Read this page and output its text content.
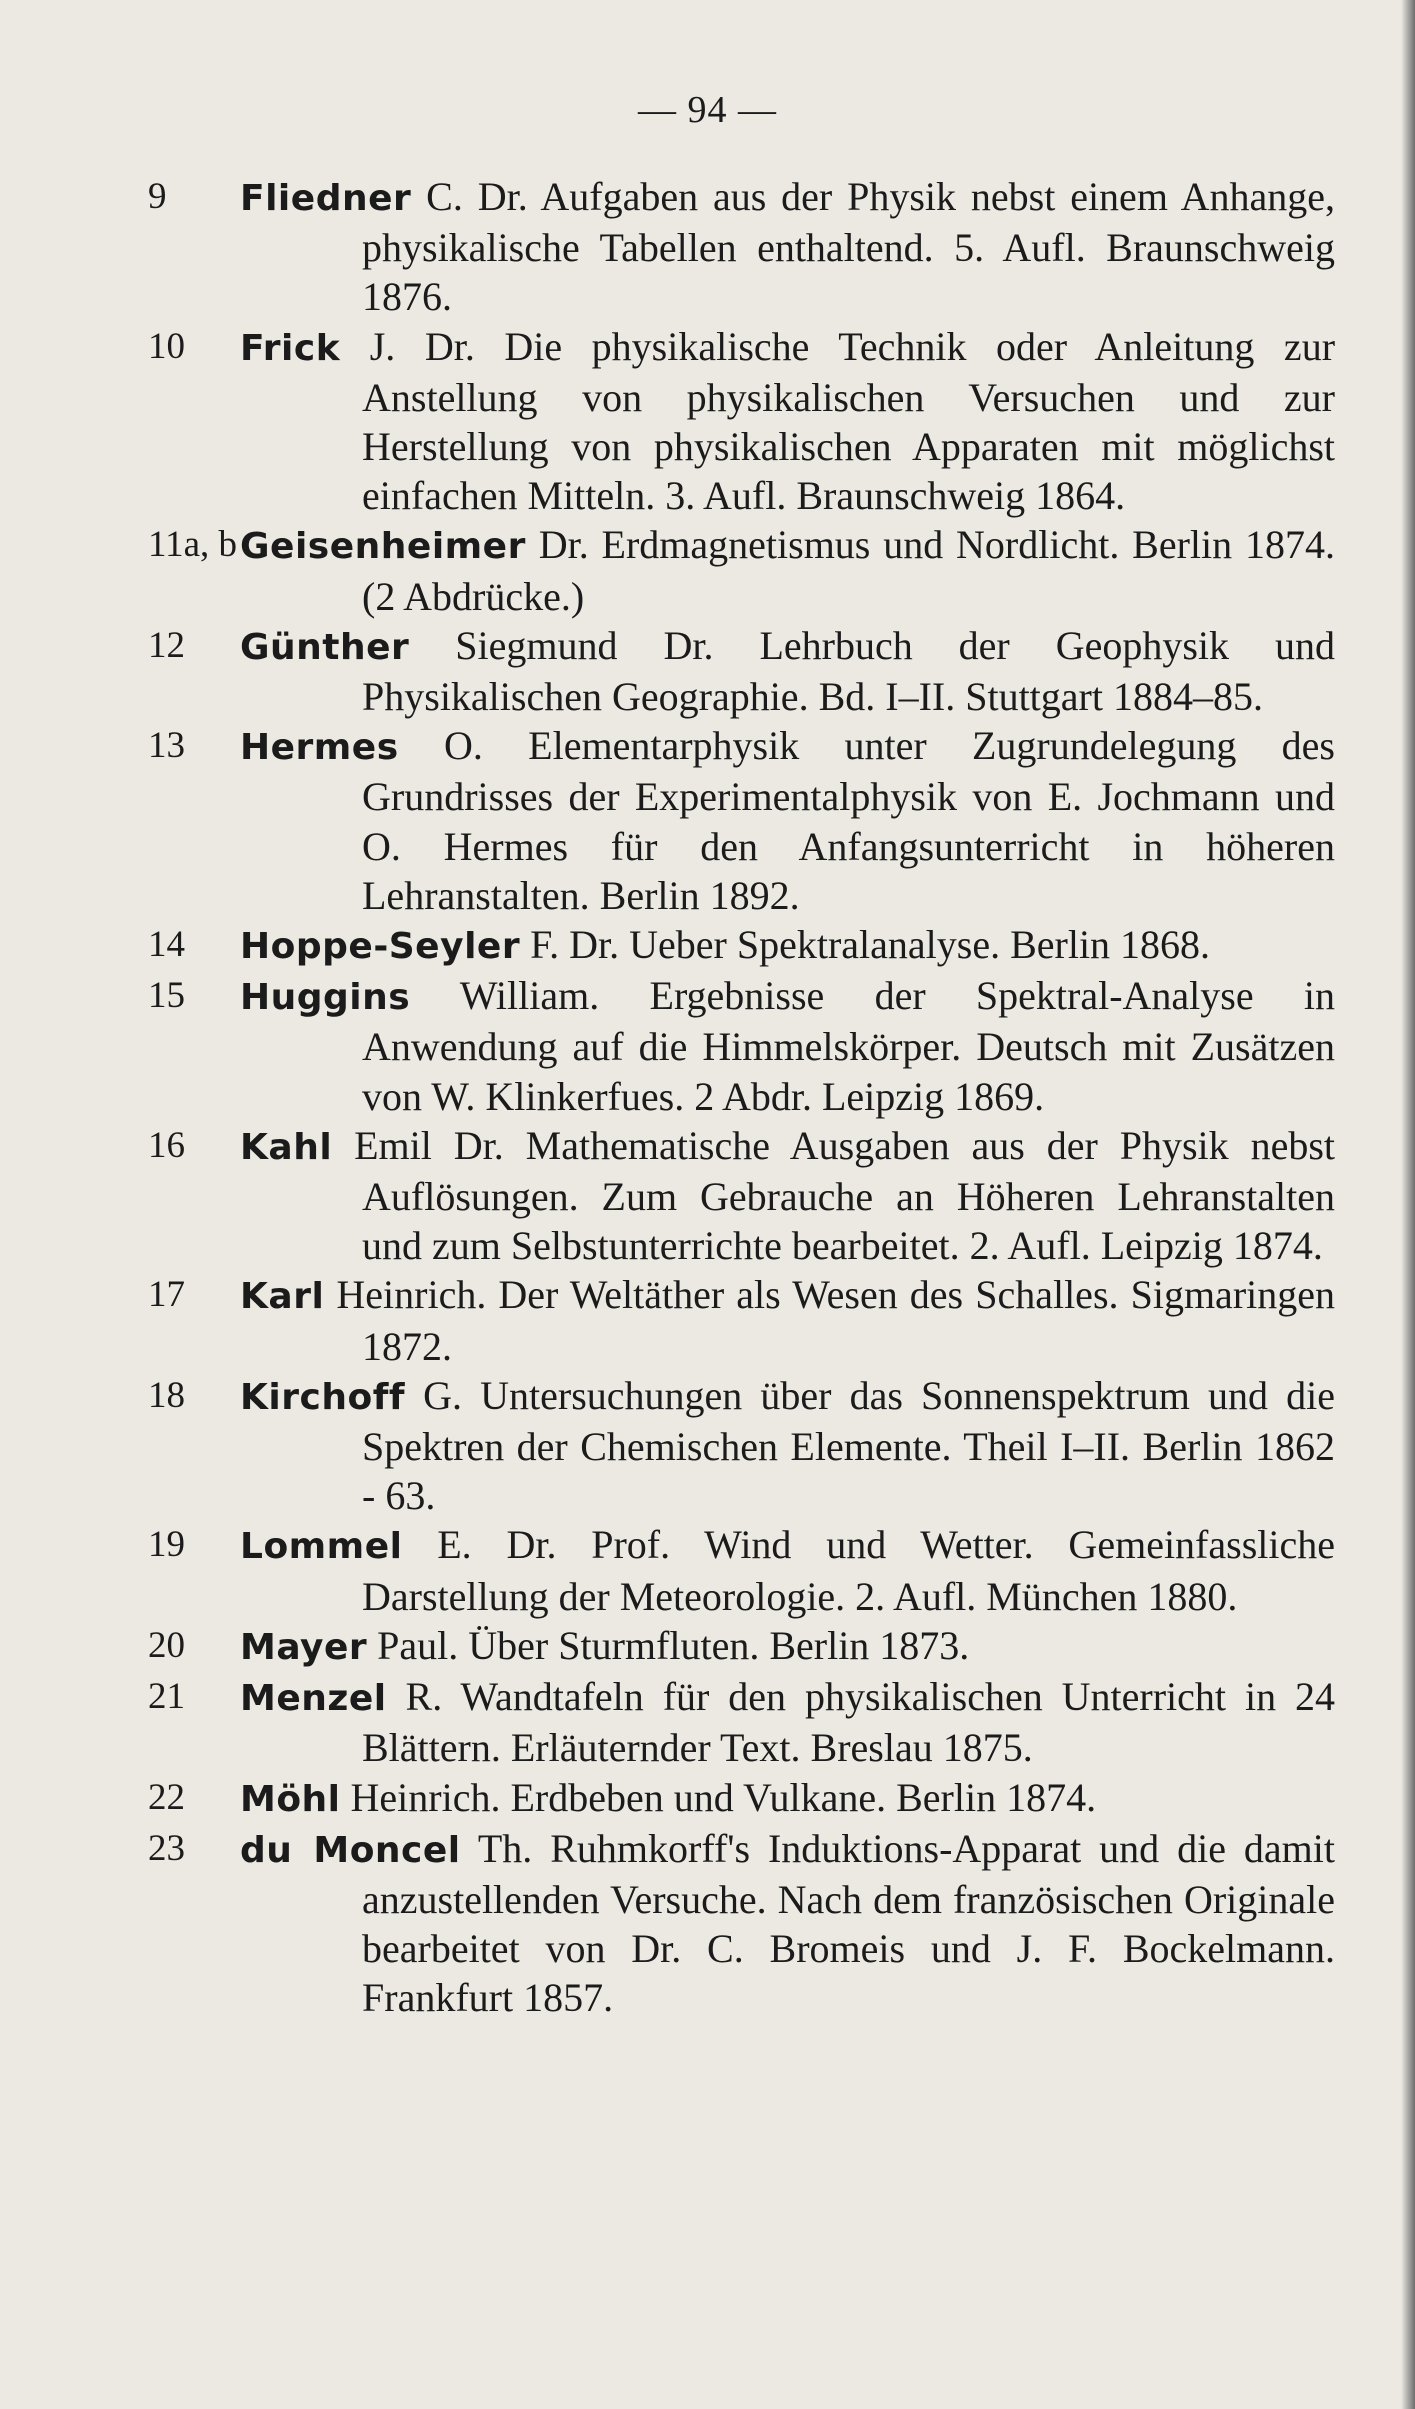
— 94 —

9 Fliedner C. Dr. Aufgaben aus der Physik nebst einem Anhange, physikalische Tabellen enthaltend. 5. Aufl. Braunschweig 1876.

10 Frick J. Dr. Die physikalische Technik oder Anleitung zur Anstellung von physikalischen Versuchen und zur Herstellung von physikalischen Apparaten mit möglichst einfachen Mitteln. 3. Aufl. Braunschweig 1864.

11a, b Geisenheimer Dr. Erdmagnetismus und Nordlicht. Berlin 1874. (2 Abdrücke.)

12 Günther Siegmund Dr. Lehrbuch der Geophysik und Physikalischen Geographie. Bd. I–II. Stuttgart 1884–85.

13 Hermes O. Elementarphysik unter Zugrundelegung des Grundrisses der Experimentalphysik von E. Jochmann und O. Hermes für den Anfangsunterricht in höheren Lehranstalten. Berlin 1892.

14 Hoppe-Seyler F. Dr. Ueber Spektralanalyse. Berlin 1868.

15 Huggins William. Ergebnisse der Spektral-Analyse in Anwendung auf die Himmelskörper. Deutsch mit Zusätzen von W. Klinkerfues. 2 Abdr. Leipzig 1869.

16 Kahl Emil Dr. Mathematische Ausgaben aus der Physik nebst Auflösungen. Zum Gebrauche an Höheren Lehranstalten und zum Selbstunterrichte bearbeitet. 2. Aufl. Leipzig 1874.

17 Karl Heinrich. Der Weltäther als Wesen des Schalles. Sigmaringen 1872.

18 Kirchoff G. Untersuchungen über das Sonnenspektrum und die Spektren der Chemischen Elemente. Theil I–II. Berlin 1862 - 63.

19 Lommel E. Dr. Prof. Wind und Wetter. Gemeinfassliche Darstellung der Meteorologie. 2. Aufl. München 1880.

20 Mayer Paul. Über Sturmfluten. Berlin 1873.

21 Menzel R. Wandtafeln für den physikalischen Unterricht in 24 Blättern. Erläuternder Text. Breslau 1875.

22 Möhl Heinrich. Erdbeben und Vulkane. Berlin 1874.

23 du Moncel Th. Ruhmkorff's Induktions-Apparat und die damit anzustellenden Versuche. Nach dem französischen Originale bearbeitet von Dr. C. Bromeis und J. F. Bockelmann. Frankfurt 1857.
